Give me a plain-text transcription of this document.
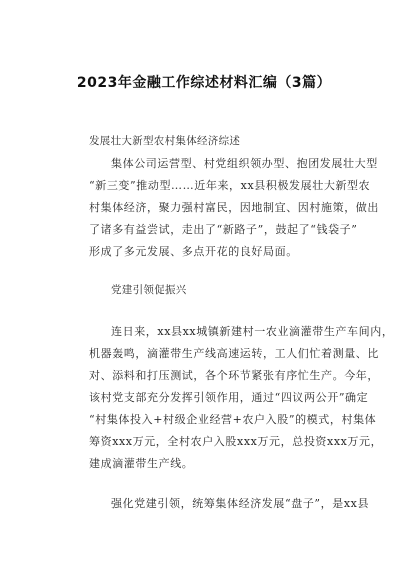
2023年金融工作综述材料汇编（3篇）
发展壮大新型农村集体经济综述
集体公司运营型、村党组织领办型、抱团发展壮大型
“新三变”推动型……近年来，xx县积极发展壮大新型农
村集体经济，聚力强村富民，因地制宜、因村施策，做出
了诸多有益尝试，走出了“新路子”，鼓起了“钱袋子”
形成了多元发展、多点开花的良好局面。
党建引领促振兴
连日来，xx县xx城镇新建村一农业滴灌带生产车间内，
机器轰鸣，滴灌带生产线高速运转，工人们忙着测量、比
对、添料和打压测试，各个环节紧张有序忙生产。今年，
该村党支部充分发挥引领作用，通过“四议两公开”确定
“村集体投入+村级企业经营+农户入股”的模式，村集体
筹资xxx万元，全村农户入股xxx万元，总投资xxx万元，
建成滴灌带生产线。
强化党建引领，统筹集体经济发展“盘子”，是xx县
